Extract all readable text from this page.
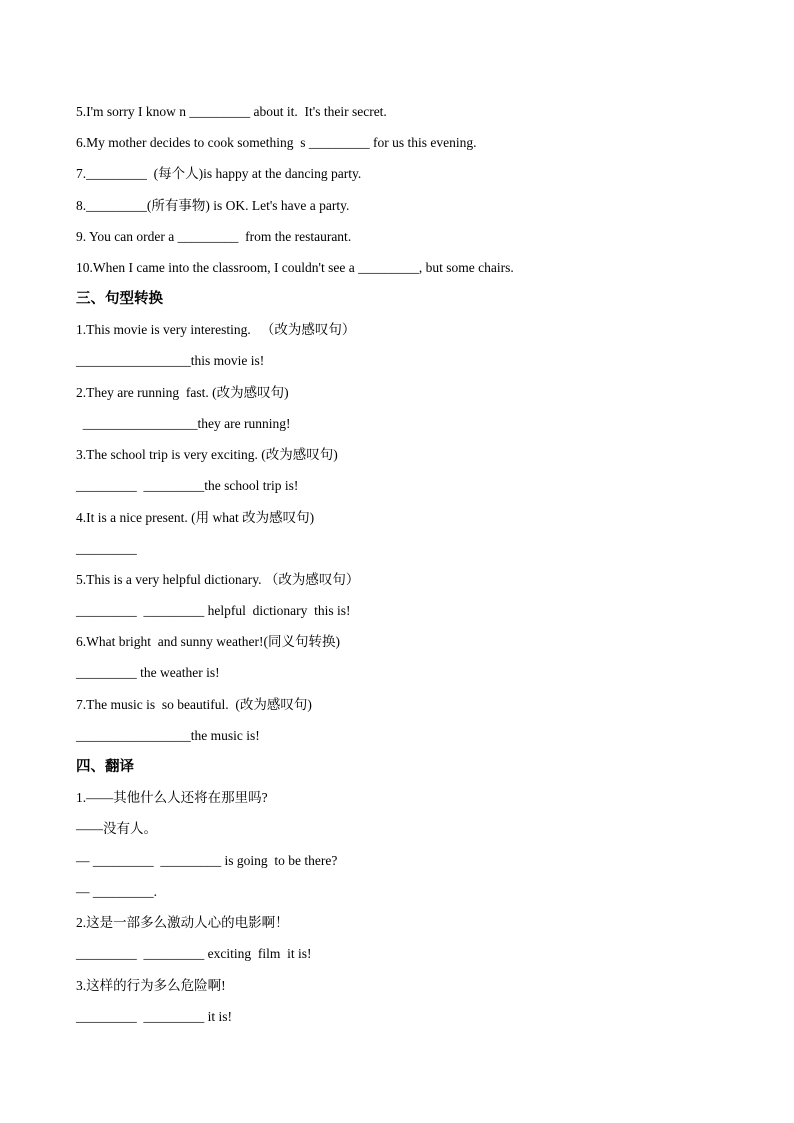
5.I'm sorry I know n _________ about it.  It's their secret.
6.My mother decides to cook something  s _________ for us this evening.
7._________  (每个人)is happy at the dancing party.
8._________(所有事物) is OK. Let's have a party.
9. You can order a _________  from the restaurant.
10.When I came into the classroom, I couldn't see a _________, but some chairs.
三、句型转换
1.This movie is very interesting.   （改为感叹句）
_________________this movie is!
2.They are running  fast. (改为感叹句)
_________________they are running!
3.The school trip is very exciting. (改为感叹句)
_________  _________the school trip is!
4.It is a nice present. (用 what 改为感叹句)
_________
5.This is a very helpful dictionary. （改为感叹句）
_________  _________ helpful  dictionary  this is!
6.What bright  and sunny weather!(同义句转换)
_________ the weather is!
7.The music is  so beautiful.  (改为感叹句)
_________________the music is!
四、翻译
1.——其他什么人还将在那里吗?
——没有人。
— _________  _________ is going  to be there?
— _________.
2.这是一部多么激动人心的电影啊！
_________  _________ exciting  film  it is!
3.这样的行为多么危险啊!
_________  _________ it is!
